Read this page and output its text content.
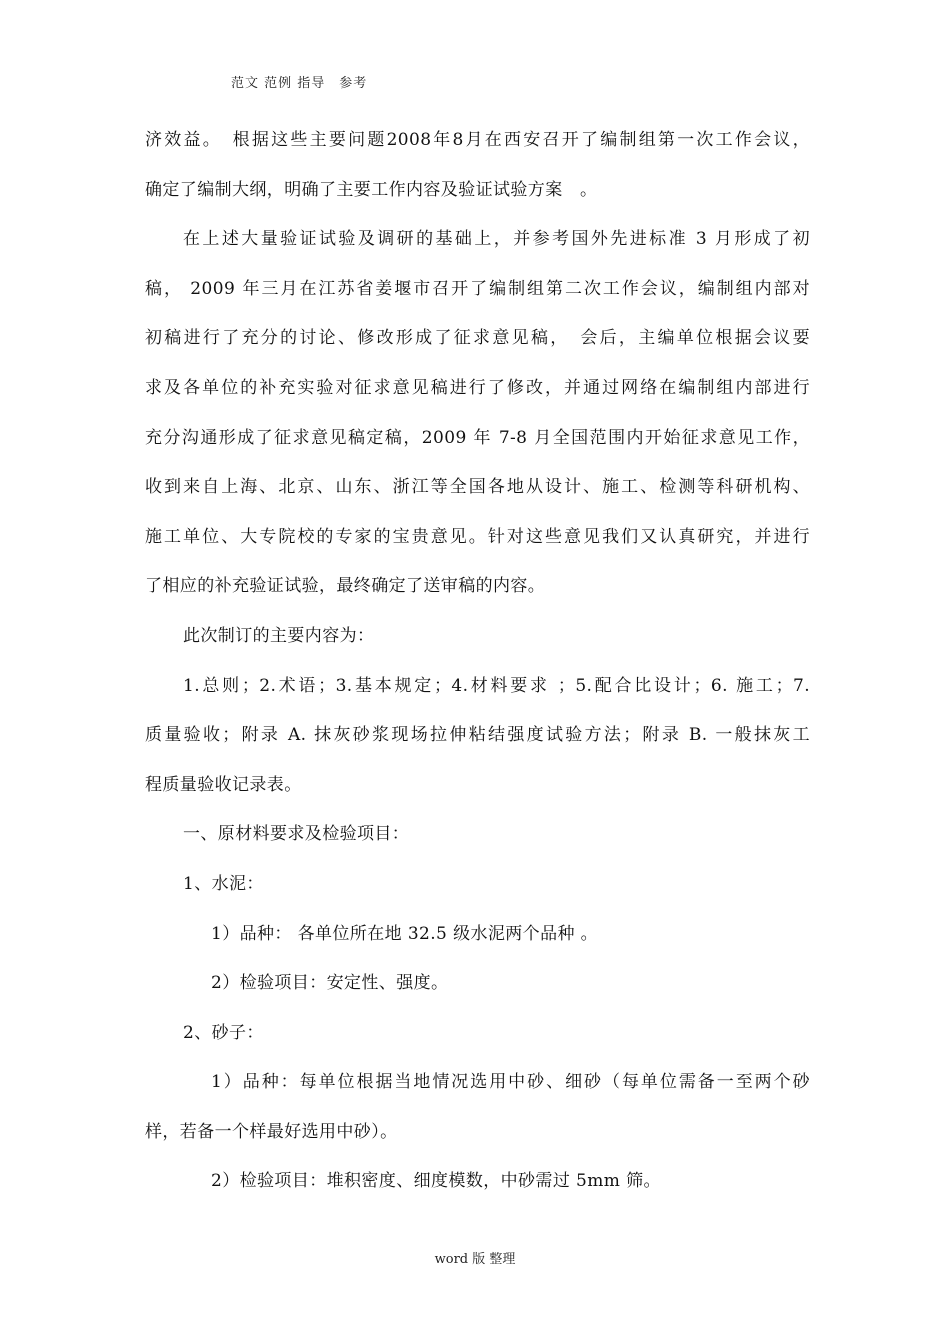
范文 范例 指导　参考
济效益。　根据这些主要问题2008年8月在西安召开了编制组第一次工作会议，
确定了编制大纲，明确了主要工作内容及验证试验方案　。
在上述大量验证试验及调研的基础上，并参考国外先进标准 3 月形成了初
稿， 2009 年三月在江苏省姜堰市召开了编制组第二次工作会议，编制组内部对
初稿进行了充分的讨论、修改形成了征求意见稿，　会后，主编单位根据会议要
求及各单位的补充实验对征求意见稿进行了修改，并通过网络在编制组内部进行
充分沟通形成了征求意见稿定稿，2009 年 7-8 月全国范围内开始征求意见工作，
收到来自上海、北京、山东、浙江等全国各地从设计、施工、检测等科研机构、
施工单位、大专院校的专家的宝贵意见。针对这些意见我们又认真研究，并进行
了相应的补充验证试验，最终确定了送审稿的内容。
此次制订的主要内容为：
1.总则；2.术语；3.基本规定；4.材料要求 ；5.配合比设计；6. 施工；7.
质量验收；附录 A. 抹灰砂浆现场拉伸粘结强度试验方法；附录 B. 一般抹灰工
程质量验收记录表。
一、原材料要求及检验项目：
1、水泥：
1）品种： 各单位所在地 32.5 级水泥两个品种 。
2）检验项目：安定性、强度。
2、砂子：
1）品种：每单位根据当地情况选用中砂、细砂（每单位需备一至两个砂
样，若备一个样最好选用中砂）。
2）检验项目：堆积密度、细度模数，中砂需过 5mm 筛。
word 版 整理
